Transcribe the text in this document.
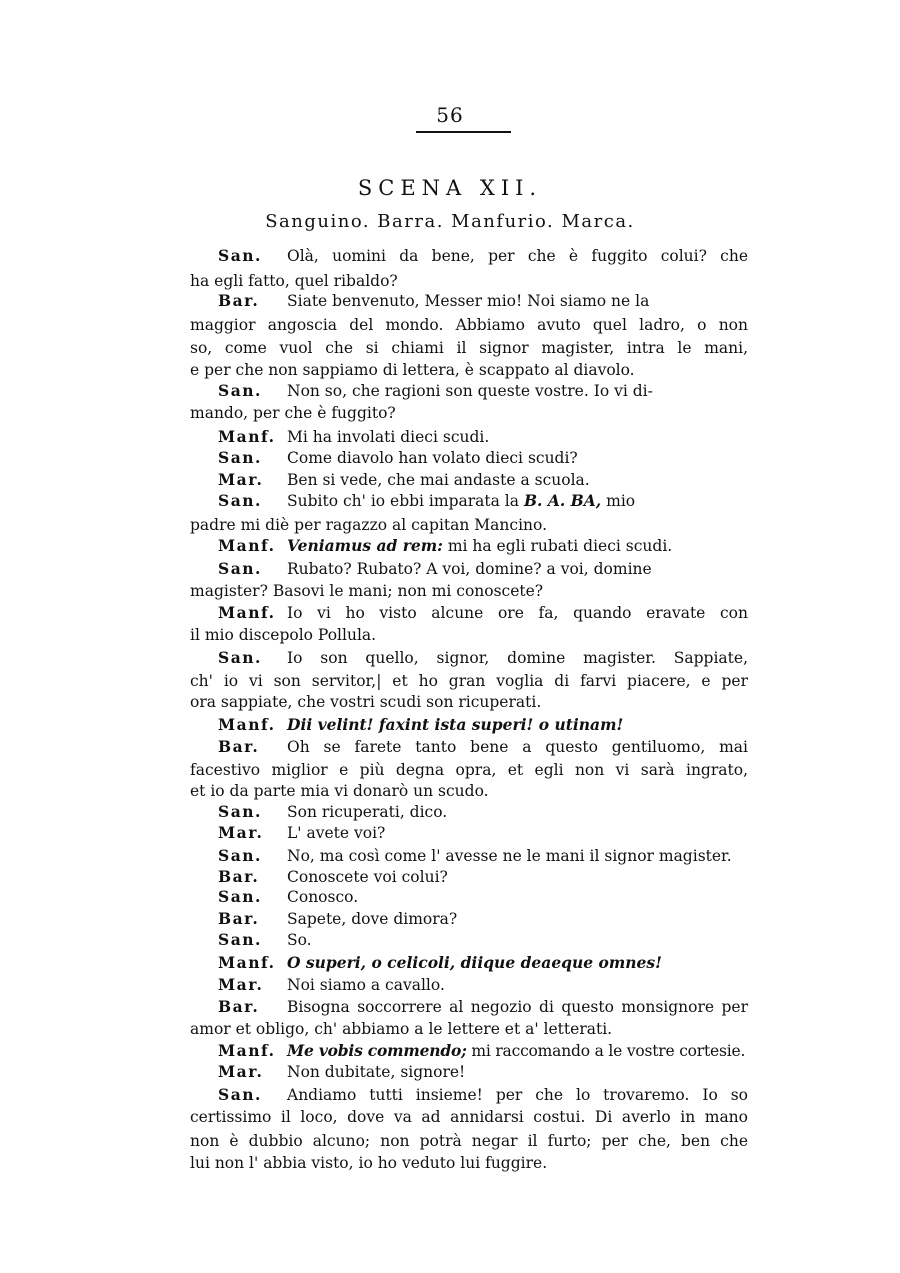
56
SCENA XII.
Sanguino. Barra. Manfurio. Marca.
San. Olà, uomini da bene, per che è fuggito colui? che
ha egli fatto, quel ribaldo?
Bar. Siate benvenuto, Messer mio! Noi siamo ne la
maggior angoscia del mondo. Abbiamo avuto quel ladro, o non
so, come vuol che si chiami il signor magister, intra le mani,
e per che non sappiamo di lettera, è scappato al diavolo.
San. Non so, che ragioni son queste vostre. Io vi di-
mando, per che è fuggito?
Manf. Mi ha involati dieci scudi.
San. Come diavolo han volato dieci scudi?
Mar. Ben si vede, che mai andaste a scuola.
San. Subito ch' io ebbi imparata la B. A. BA, mio
padre mi diè per ragazzo al capitan Mancino.
Manf. Veniamus ad rem: mi ha egli rubati dieci scudi.
San. Rubato? Rubato? A voi, domine? a voi, domine
magister? Basovi le mani; non mi conoscete?
Manf. Io vi ho visto alcune ore fa, quando eravate con
il mio discepolo Pollula.
San. Io son quello, signor, domine magister. Sappiate,
ch' io vi son servitor,| et ho gran voglia di farvi piacere, e per
ora sappiate, che vostri scudi son ricuperati.
Manf. Dii velint! faxint ista superi! o utinam!
Bar. Oh se farete tanto bene a questo gentiluomo, mai
facestivo miglior e più degna opra, et egli non vi sarà ingrato,
et io da parte mia vi donarò un scudo.
San. Son ricuperati, dico.
Mar. L' avete voi?
San. No, ma così come l' avesse ne le mani il signor magister.
Bar. Conoscete voi colui?
San. Conosco.
Bar. Sapete, dove dimora?
San. So.
Manf. O superi, o celicoli, diique deaeque omnes!
Mar. Noi siamo a cavallo.
Bar. Bisogna soccorrere al negozio di questo monsignore per
amor et obligo, ch' abbiamo a le lettere et a' letterati.
Manf. Me vobis commendo; mi raccomando a le vostre cortesie.
Mar. Non dubitate, signore!
San. Andiamo tutti insieme! per che lo trovaremo. Io so
certissimo il loco, dove va ad annidarsi costui. Di averlo in mano
non è dubbio alcuno; non potrà negar il furto; per che, ben che
lui non l' abbia visto, io ho veduto lui fuggire.
